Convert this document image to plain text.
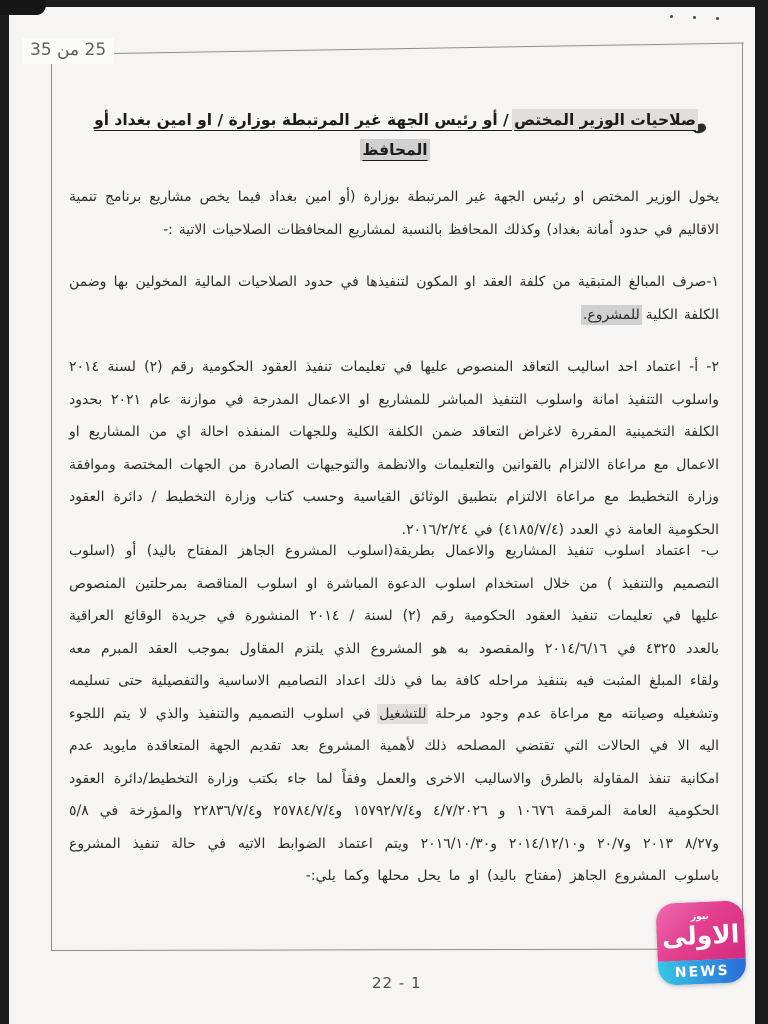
25 من 35
صلاحيات الوزير المختص / أو رئيس الجهة غير المرتبطة بوزارة / او امين بغداد أو المحافظ
يخول الوزير المختص او رئيس الجهة غير المرتبطة بوزارة (أو امين بغداد فيما يخص مشاريع برنامج تنمية الاقاليم في حدود أمانة بغداد) وكذلك المحافظ بالنسبة لمشاريع المحافظات الصلاحيات الاتية :-
١-صرف المبالغ المتبقية من كلفة العقد او المكون لتنفيذها في حدود الصلاحيات المالية المخولين بها وضمن الكلفة الكلية للمشروع.
٢- أ- اعتماد احد اساليب التعاقد المنصوص عليها في تعليمات تنفيذ العقود الحكومية رقم (٢) لسنة ٢٠١٤ واسلوب التنفيذ امانة واسلوب التنفيذ المباشر للمشاريع او الاعمال المدرجة في موازنة عام ٢٠٢١ بحدود الكلفة التخمينية المقررة لاغراض التعاقد ضمن الكلفة الكلية وللجهات المنفذه احالة اي من المشاريع او الاعمال مع مراعاة الالتزام بالقوانين والتعليمات والانظمة والتوجيهات الصادرة من الجهات المختصة وموافقة وزارة التخطيط مع مراعاة الالتزام بتطبيق الوثائق القياسية وحسب كتاب وزارة التخطيط / دائرة العقود الحكومية العامة ذي العدد (٤١٨٥/٧/٤) في ٢٠١٦/٢/٢٤.
ب- اعتماد اسلوب تنفيذ المشاريع والاعمال بطريقة(اسلوب المشروع الجاهز المفتاح باليد) أو (اسلوب التصميم والتنفيذ ) من خلال استخدام اسلوب الدعوة المباشرة او اسلوب المناقصة بمرحلتين المنصوص عليها في تعليمات تنفيذ العقود الحكومية رقم (٢) لسنة / ٢٠١٤ المنشورة في جريدة الوقائع العراقية بالعدد ٤٣٢٥ في ٢٠١٤/٦/١٦ والمقصود به هو المشروع الذي يلتزم المقاول بموجب العقد المبرم معه ولقاء المبلغ المثبت فيه بتنفيذ مراحله كافة بما في ذلك اعداد التصاميم الاساسية والتفصيلية حتى تسليمه وتشغيله وصيانته مع مراعاة عدم وجود مرحلة للتشغيل في اسلوب التصميم والتنفيذ والذي لا يتم اللجوء اليه الا في الحالات التي تقتضي المصلحه ذلك لأهمية المشروع بعد تقديم الجهة المتعاقدة مايويد عدم امكانية تنفذ المقاولة بالطرق والاساليب الاخرى والعمل وفقاً لما جاء بكتب وزارة التخطيط/دائرة العقود الحكومية العامة المرقمة ١٠٦٧٦ و ٤/٧/٢٠٢٦ و١٥٧٩٢/٧/٤ و٢٥٧٨٤/٧/٤ و٢٢٨٣٦/٧/٤ والمؤرخة في ٥/٨ و٨/٢٧ ٢٠١٣ و٢٠/٧ و٢٠١٤/١٢/١٠ و٢٠١٦/١٠/٣٠ ويتم اعتماد الضوابط الاتيه في حالة تنفيذ المشروع باسلوب المشروع الجاهز (مفتاح باليد) او ما يحل محلها وكما يلي:-
22 - 1
نيوز
الاولى
NEWS
